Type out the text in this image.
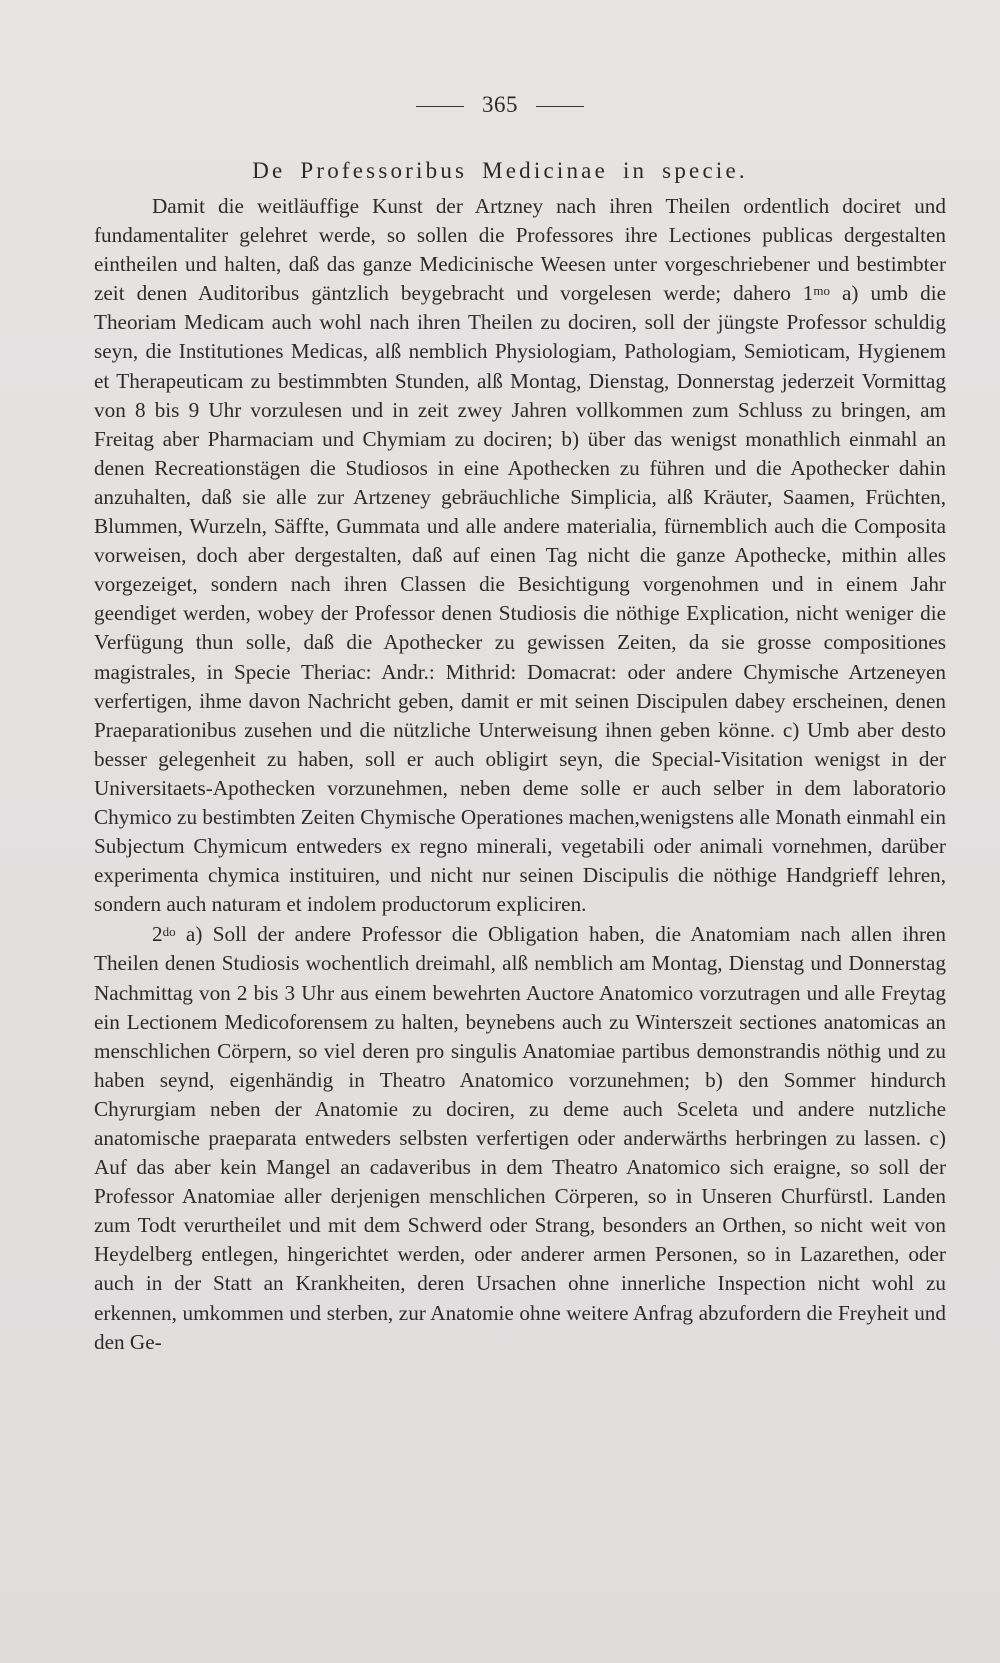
365
De Professoribus Medicinae in specie.

Damit die weitläuffige Kunst der Artzney nach ihren Theilen ordentlich dociret und fundamentaliter gelehret werde, so sollen die Professores ihre Lectiones publicas dergestalten eintheilen und halten, daß das ganze Medicinische Weesen unter vorgeschriebener und bestimbter zeit denen Auditoribus gäntzlich beygebracht und vorgelesen werde; dahero $1^{mo}$ a) umb die Theoriam Medicam auch wohl nach ihren Theilen zu dociren, soll der jüngste Professor schuldig seyn, die Institutiones Medicas, alß nemblich Physiologiam, Pathologiam, Semioticam, Hygienem et Therapeuticam zu bestimmbten Stunden, alß Montag, Dienstag, Donnerstag jederzeit Vormittag von 8 bis 9 Uhr vorzulesen und in zeit zwey Jahren vollkommen zum Schluss zu bringen, am Freitag aber Pharmaciam und Chymiam zu dociren; b) über das wenigst monathlich einmahl an denen Recreationstägen die Studiosos in eine Apothecken zu führen und die Apothecker dahin anzuhalten, daß sie alle zur Artzeney gebräuchliche Simplicia, alß Kräuter, Saamen, Früchten, Blummen, Wurzeln, Säffte, Gummata und alle andere materialia, fürnemblich auch die Composita vorweisen, doch aber dergestalten, daß auf einen Tag nicht die ganze Apothecke, mithin alles vorgezeiget, sondern nach ihren Classen die Besichtigung vorgenohmen und in einem Jahr geendiget werden, wobey der Professor denen Studiosis die nöthige Explication, nicht weniger die Verfügung thun solle, daß die Apothecker zu gewissen Zeiten, da sie grosse compositiones magistrales, in Specie Theriac: Andr.: Mithrid: Domacrat: oder andere Chymische Artzeneyen verfertigen, ihme davon Nachricht geben, damit er mit seinen Discipulen dabey erscheinen, denen Praeparationibus zusehen und die nützliche Unterweisung ihnen geben könne. c) Umb aber desto besser gelegenheit zu haben, soll er auch obligirt seyn, die Special-Visitation wenigst in der Universitaets-Apothecken vorzunehmen, neben deme solle er auch selber in dem laboratorio Chymico zu bestimbten Zeiten Chymische Operationes machen,wenigstens alle Monath einmahl ein Subjectum Chymicum entweders ex regno minerali, vegetabili oder animali vornehmen, darüber experimenta chymica instituiren, und nicht nur seinen Discipulis die nöthige Handgrieff lehren, sondern auch naturam et indolem productorum expliciren.

$2^{do}$ a) Soll der andere Professor die Obligation haben, die Anatomiam nach allen ihren Theilen denen Studiosis wochentlich dreimahl, alß nemblich am Montag, Dienstag und Donnerstag Nachmittag von 2 bis 3 Uhr aus einem bewehrten Auctore Anatomico vorzutragen und alle Freytag ein Lectionem Medicoforensem zu halten, beynebens auch zu Winterszeit sectiones anatomicas an menschlichen Cörpern, so viel deren pro singulis Anatomiae partibus demonstrandis nöthig und zu haben seynd, eigenhändig in Theatro Anatomico vorzunehmen; b) den Sommer hindurch Chyrurgiam neben der Anatomie zu dociren, zu deme auch Sceleta und andere nutzliche anatomische praeparata entweders selbsten verfertigen oder anderwärths herbringen zu lassen. c) Auf das aber kein Mangel an cadaveribus in dem Theatro Anatomico sich eraigne, so soll der Professor Anatomiae aller derjenigen menschlichen Cörperen, so in Unseren Churfürstl. Landen zum Todt verurtheilet und mit dem Schwerd oder Strang, besonders an Orthen, so nicht weit von Heydelberg entlegen, hingerichtet werden, oder anderer armen Personen, so in Lazarethen, oder auch in der Statt an Krankheiten, deren Ursachen ohne innerliche Inspection nicht wohl zu erkennen, umkommen und sterben, zur Anatomie ohne weitere Anfrag abzufordern die Freyheit und den Ge-
